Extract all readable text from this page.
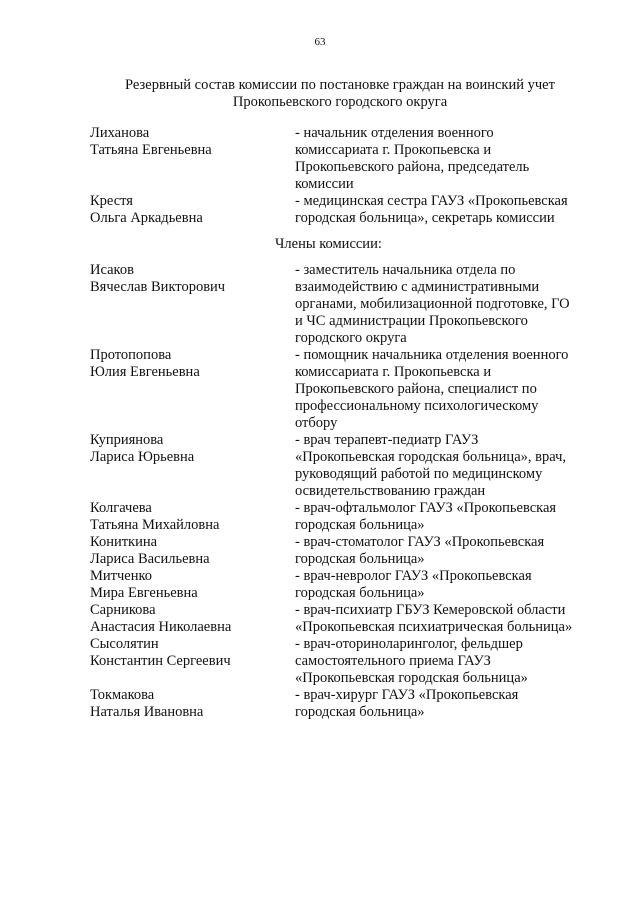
63
Резервный состав комиссии по постановке граждан на воинский учет
Прокопьевского городского округа
Лиханова
Татьяна Евгеньевна
- начальник отделения военного
комиссариата г. Прокопьевска и
Прокопьевского района, председатель
комиссии
Крестя
Ольга Аркадьевна
- медицинская сестра ГАУЗ «Прокопьевская
городская больница», секретарь комиссии
Члены комиссии:
Исаков
Вячеслав Викторович
- заместитель начальника отдела по
взаимодействию с административными
органами, мобилизационной подготовке, ГО
и ЧС администрации Прокопьевского
городского округа
Протопопова
Юлия Евгеньевна
- помощник начальника отделения военного
комиссариата г. Прокопьевска и
Прокопьевского района, специалист по
профессиональному психологическому
отбору
Куприянова
Лариса Юрьевна
- врач терапевт-педиатр ГАУЗ
«Прокопьевская городская больница», врач,
руководящий работой по медицинскому
освидетельствованию граждан
Колгачева
Татьяна Михайловна
- врач-офтальмолог ГАУЗ «Прокопьевская
городская больница»
Кониткина
Лариса Васильевна
- врач-стоматолог ГАУЗ «Прокопьевская
городская больница»
Митченко
Мира Евгеньевна
- врач-невролог ГАУЗ «Прокопьевская
городская больница»
Сарникова
Анастасия Николаевна
- врач-психиатр ГБУЗ Кемеровской области
«Прокопьевская психиатрическая больница»
Сысолятин
Константин Сергеевич
- врач-оториноларинголог, фельдшер
самостоятельного приема ГАУЗ
«Прокопьевская городская больница»
Токмакова
Наталья Ивановна
- врач-хирург ГАУЗ «Прокопьевская
городская больница»
